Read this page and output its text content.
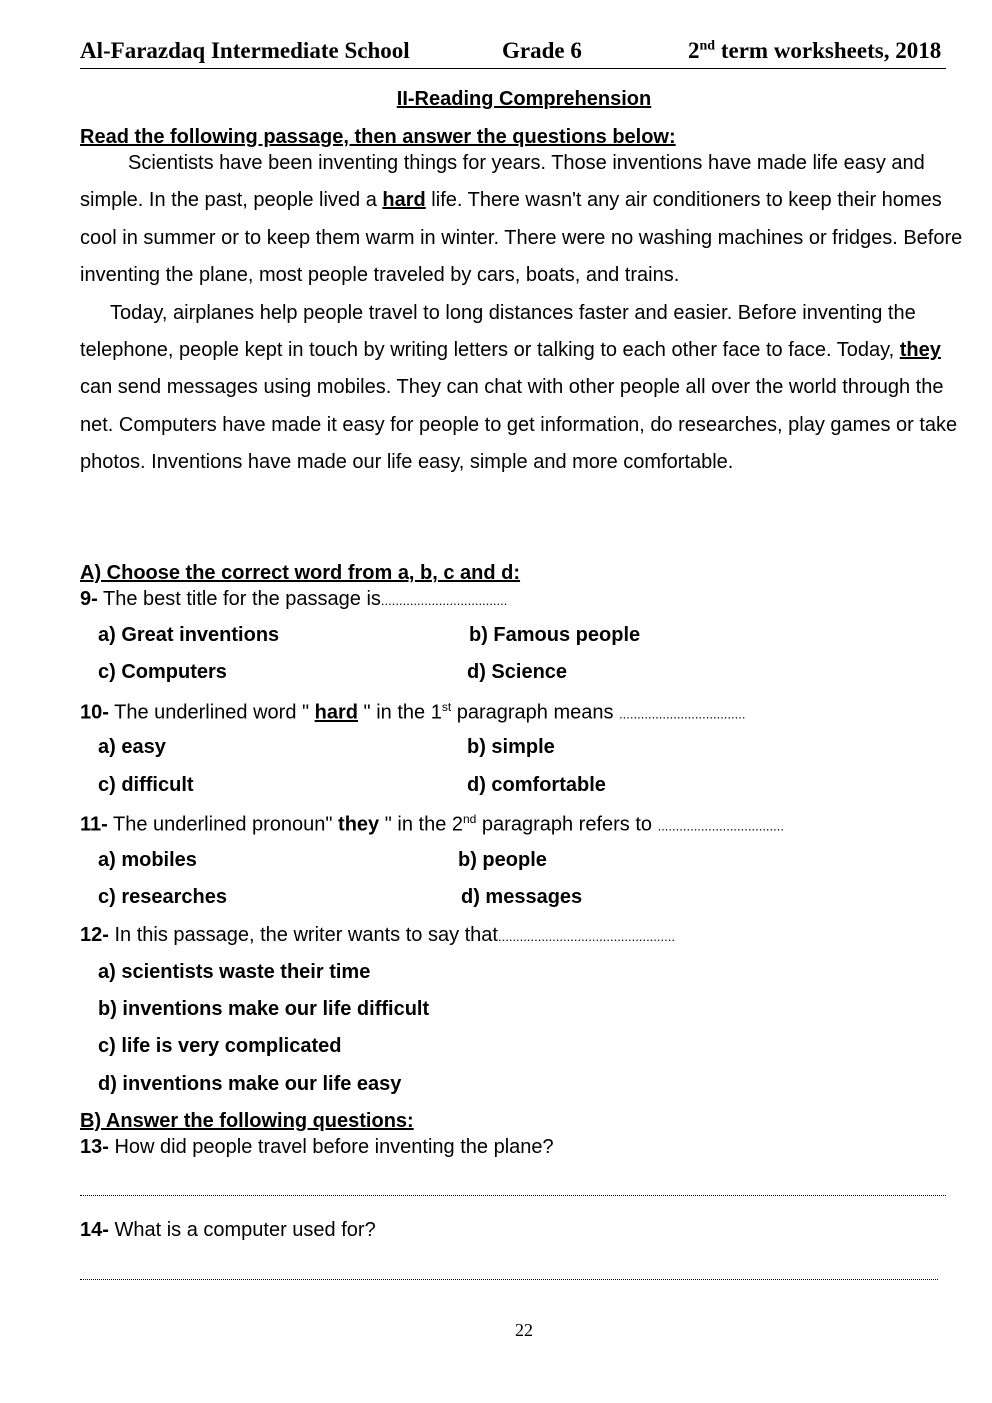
Al-Farazdaq Intermediate School	Grade 6	2nd term worksheets, 2018
II-Reading Comprehension
Read the following passage, then answer the questions below:

Scientists have been inventing things for years. Those inventions have made life easy and simple. In the past, people lived a hard life. There wasn't any air conditioners to keep their homes cool in summer or to keep them warm in winter. There were no washing machines or fridges. Before inventing the plane, most people traveled by cars, boats, and trains.

Today, airplanes help people travel to long distances faster and easier. Before inventing the telephone, people kept in touch by writing letters or talking to each other face to face. Today, they can send messages using mobiles. They can chat with other people all over the world through the net. Computers have made it easy for people to get information, do researches, play games or take photos. Inventions have made our life easy, simple and more comfortable.

A) Choose the correct word from a, b, c and d:
9- The best title for the passage is...................................
a) Great inventions	b) Famous people
c) Computers	d) Science
10- The underlined word " hard " in the 1st paragraph means ...................................
a) easy	b) simple
c) difficult	d) comfortable
11- The underlined pronoun" they " in the 2nd paragraph refers to ...................................
a) mobiles	b) people
c) researches	d) messages
12- In this passage, the writer wants to say that.................................................
a) scientists waste their time
b) inventions make our life difficult
c) life is very complicated
d) inventions make our life easy
B) Answer the following questions:
13- How did people travel before inventing the plane?
14- What is a computer used for?
22
